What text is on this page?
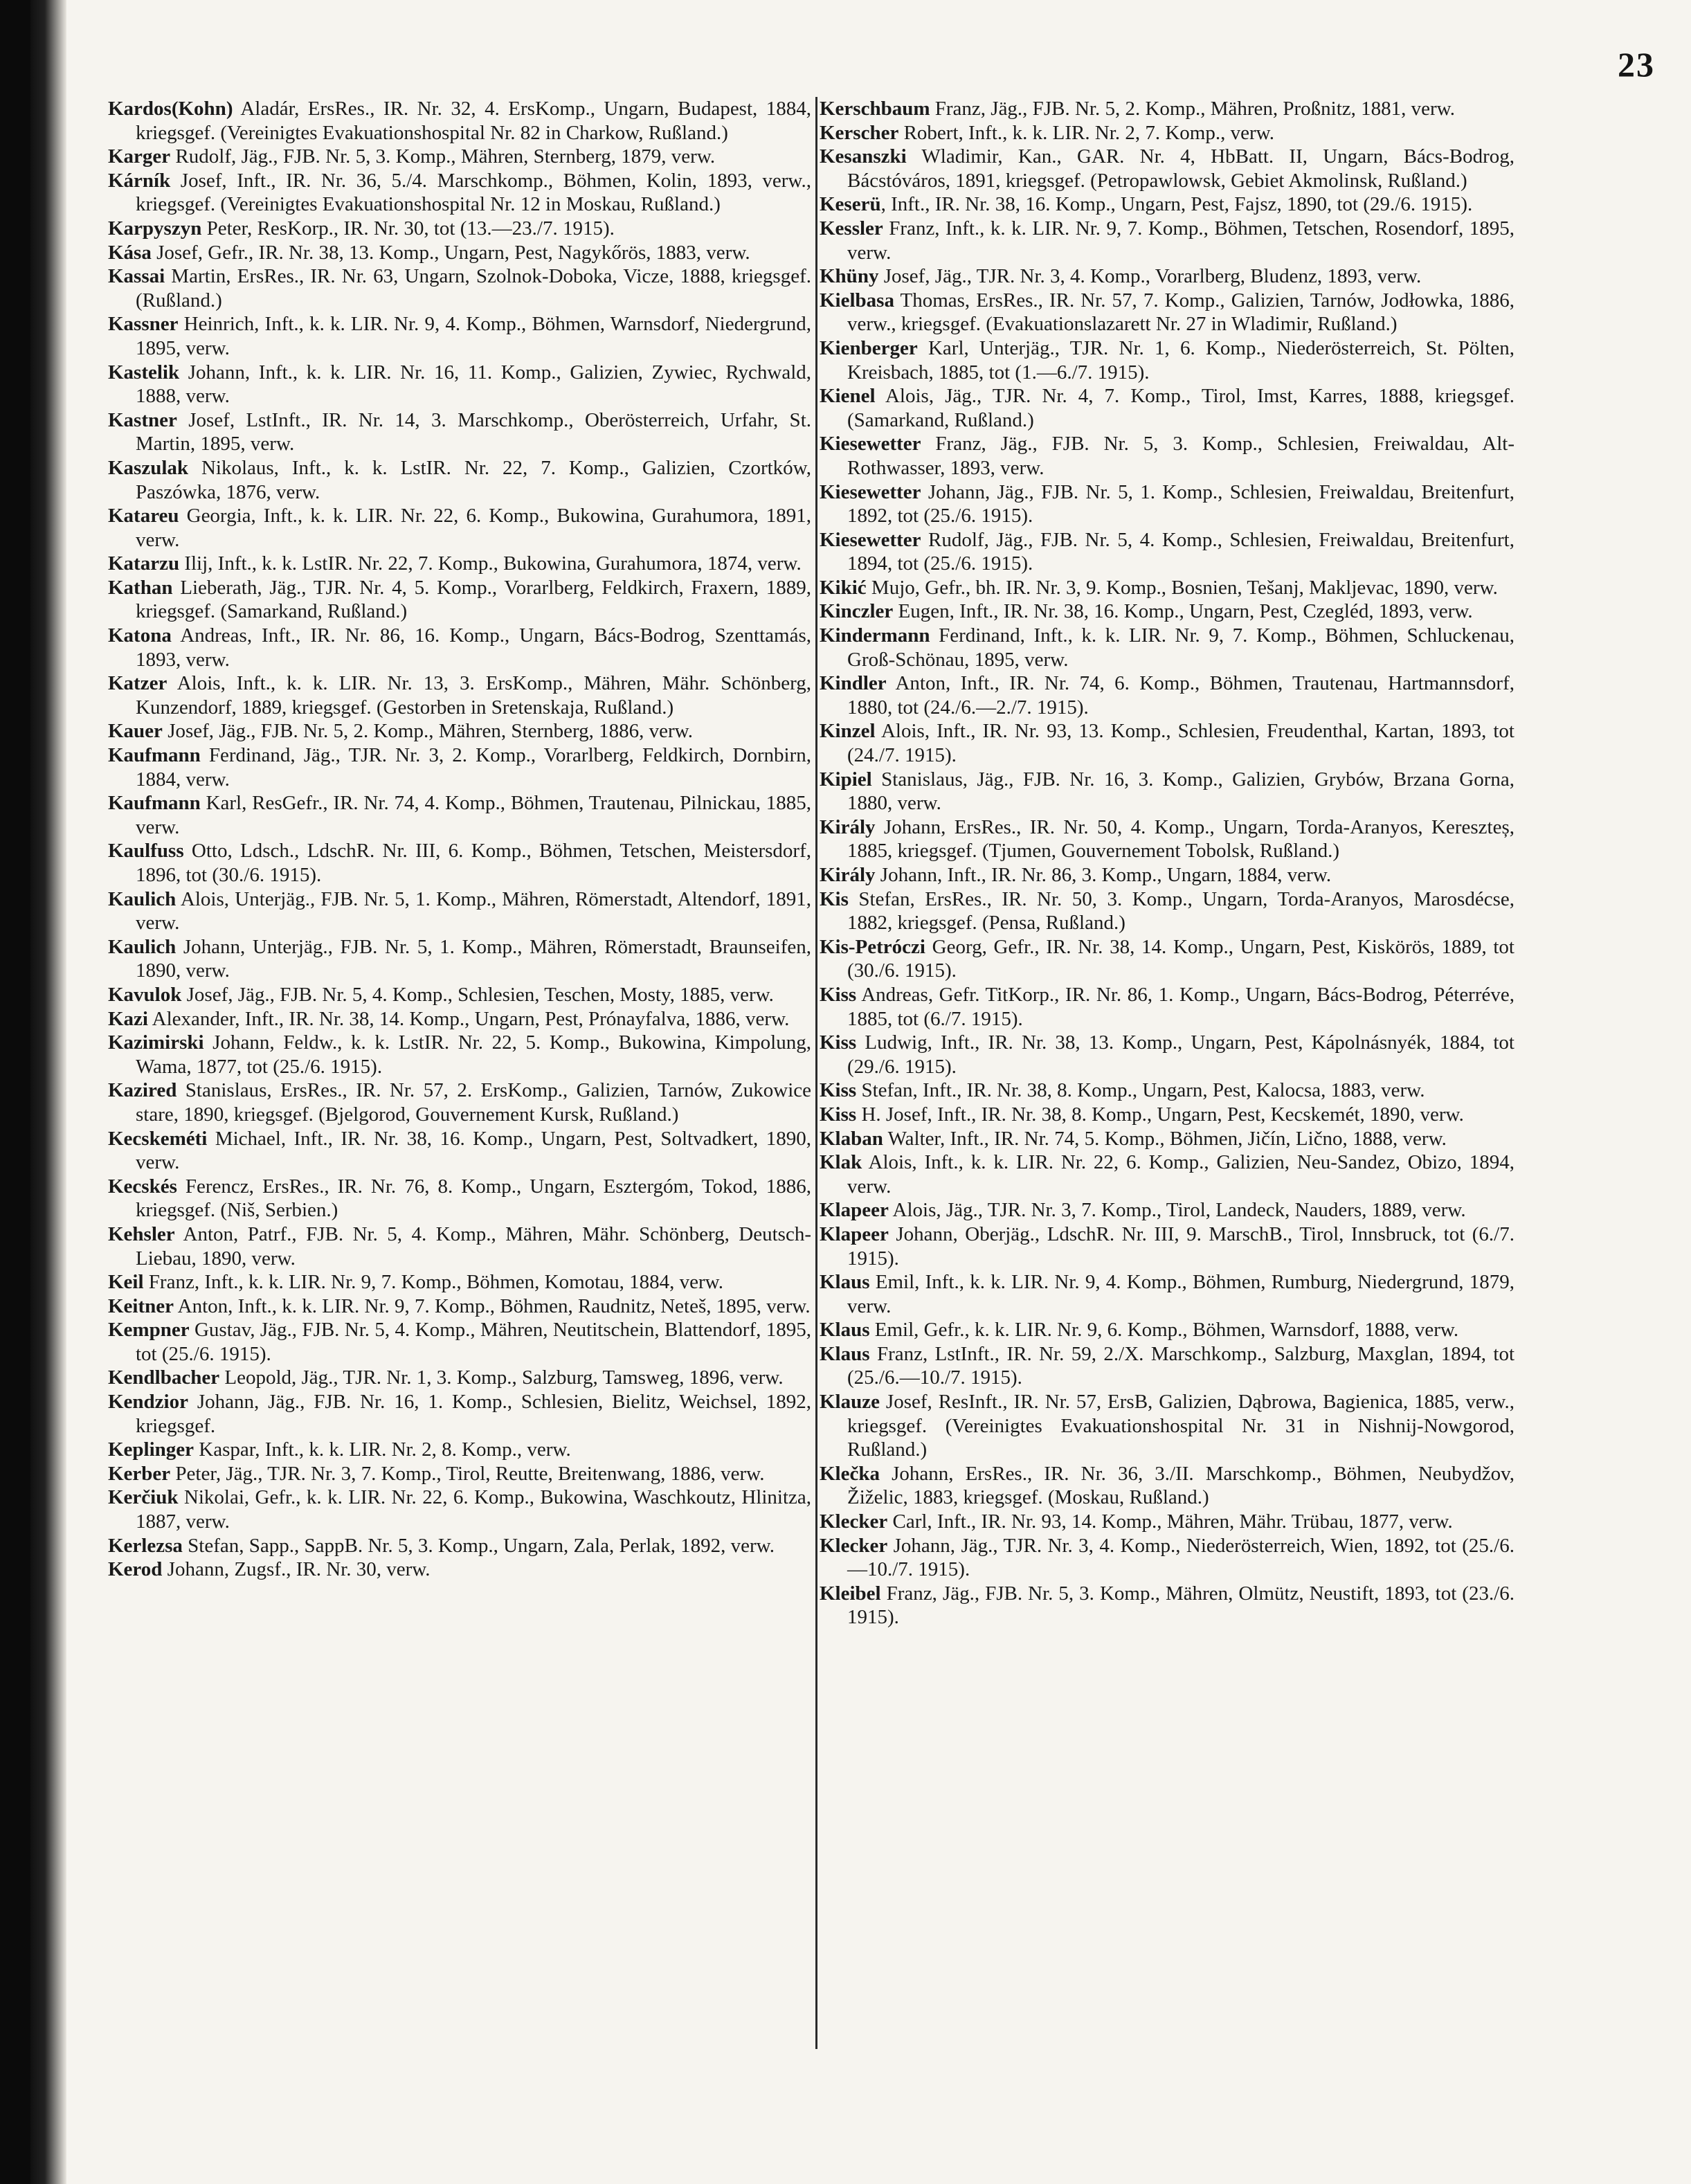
23

Kardos(Kohn) Aladár, ErsRes., IR. Nr. 32, 4. ErsKomp., Ungarn, Budapest, 1884, kriegsgef. (Vereinigtes Evakuationshospital Nr. 82 in Charkow, Rußland.)

Karger Rudolf, Jäg., FJB. Nr. 5, 3. Komp., Mähren, Sternberg, 1879, verw.

Kárník Josef, Inft., IR. Nr. 36, 5./4. Marschkomp., Böhmen, Kolin, 1893, verw., kriegsgef. (Vereinigtes Evakuationshospital Nr. 12 in Moskau, Rußland.)

Karpyszyn Peter, ResKorp., IR. Nr. 30, tot (13.—23./7. 1915).

Kása Josef, Gefr., IR. Nr. 38, 13. Komp., Ungarn, Pest, Nagykőrös, 1883, verw.

Kassai Martin, ErsRes., IR. Nr. 63, Ungarn, Szolnok-Doboka, Vicze, 1888, kriegsgef. (Rußland.)

Kassner Heinrich, Inft., k. k. LIR. Nr. 9, 4. Komp., Böhmen, Warnsdorf, Niedergrund, 1895, verw.

Kastelik Johann, Inft., k. k. LIR. Nr. 16, 11. Komp., Galizien, Zywiec, Rychwald, 1888, verw.

Kastner Josef, LstInft., IR. Nr. 14, 3. Marschkomp., Oberösterreich, Urfahr, St. Martin, 1895, verw.

Kaszulak Nikolaus, Inft., k. k. LstIR. Nr. 22, 7. Komp., Galizien, Czortków, Paszówka, 1876, verw.

Katareu Georgia, Inft., k. k. LIR. Nr. 22, 6. Komp., Bukowina, Gurahumora, 1891, verw.

Katarzu Ilij, Inft., k. k. LstIR. Nr. 22, 7. Komp., Bukowina, Gurahumora, 1874, verw.

Kathan Lieberath, Jäg., TJR. Nr. 4, 5. Komp., Vorarlberg, Feldkirch, Fraxern, 1889, kriegsgef. (Samarkand, Rußland.)

Katona Andreas, Inft., IR. Nr. 86, 16. Komp., Ungarn, Bács-Bodrog, Szenttamás, 1893, verw.

Katzer Alois, Inft., k. k. LIR. Nr. 13, 3. ErsKomp., Mähren, Mähr. Schönberg, Kunzendorf, 1889, kriegsgef. (Gestorben in Sretenskaja, Rußland.)

Kauer Josef, Jäg., FJB. Nr. 5, 2. Komp., Mähren, Sternberg, 1886, verw.

Kaufmann Ferdinand, Jäg., TJR. Nr. 3, 2. Komp., Vorarlberg, Feldkirch, Dornbirn, 1884, verw.

Kaufmann Karl, ResGefr., IR. Nr. 74, 4. Komp., Böhmen, Trautenau, Pilnickau, 1885, verw.

Kaulfuss Otto, Ldsch., LdschR. Nr. III, 6. Komp., Böhmen, Tetschen, Meistersdorf, 1896, tot (30./6. 1915).

Kaulich Alois, Unterjäg., FJB. Nr. 5, 1. Komp., Mähren, Römerstadt, Altendorf, 1891, verw.

Kaulich Johann, Unterjäg., FJB. Nr. 5, 1. Komp., Mähren, Römerstadt, Braunseifen, 1890, verw.

Kavulok Josef, Jäg., FJB. Nr. 5, 4. Komp., Schlesien, Teschen, Mosty, 1885, verw.

Kazi Alexander, Inft., IR. Nr. 38, 14. Komp., Ungarn, Pest, Prónayfalva, 1886, verw.

Kazimirski Johann, Feldw., k. k. LstIR. Nr. 22, 5. Komp., Bukowina, Kimpolung, Wama, 1877, tot (25./6. 1915).

Kazired Stanislaus, ErsRes., IR. Nr. 57, 2. ErsKomp., Galizien, Tarnów, Zukowice stare, 1890, kriegsgef. (Bjelgorod, Gouvernement Kursk, Rußland.)

Kecskeméti Michael, Inft., IR. Nr. 38, 16. Komp., Ungarn, Pest, Soltvadkert, 1890, verw.

Kecskés Ferencz, ErsRes., IR. Nr. 76, 8. Komp., Ungarn, Esztergóm, Tokod, 1886, kriegsgef. (Niš, Serbien.)

Kehsler Anton, Patrf., FJB. Nr. 5, 4. Komp., Mähren, Mähr. Schönberg, Deutsch-Liebau, 1890, verw.

Keil Franz, Inft., k. k. LIR. Nr. 9, 7. Komp., Böhmen, Komotau, 1884, verw.

Keitner Anton, Inft., k. k. LIR. Nr. 9, 7. Komp., Böhmen, Raudnitz, Neteš, 1895, verw.

Kempner Gustav, Jäg., FJB. Nr. 5, 4. Komp., Mähren, Neutitschein, Blattendorf, 1895, tot (25./6. 1915).

Kendlbacher Leopold, Jäg., TJR. Nr. 1, 3. Komp., Salzburg, Tamsweg, 1896, verw.

Kendzior Johann, Jäg., FJB. Nr. 16, 1. Komp., Schlesien, Bielitz, Weichsel, 1892, kriegsgef.

Keplinger Kaspar, Inft., k. k. LIR. Nr. 2, 8. Komp., verw.

Kerber Peter, Jäg., TJR. Nr. 3, 7. Komp., Tirol, Reutte, Breitenwang, 1886, verw.

Kerčiuk Nikolai, Gefr., k. k. LIR. Nr. 22, 6. Komp., Bukowina, Waschkoutz, Hlinitza, 1887, verw.

Kerlezsa Stefan, Sapp., SappB. Nr. 5, 3. Komp., Ungarn, Zala, Perlak, 1892, verw.

Kerod Johann, Zugsf., IR. Nr. 30, verw.

Kerschbaum Franz, Jäg., FJB. Nr. 5, 2. Komp., Mähren, Proßnitz, 1881, verw.

Kerscher Robert, Inft., k. k. LIR. Nr. 2, 7. Komp., verw.

Kesanszki Wladimir, Kan., GAR. Nr. 4, HbBatt. II, Ungarn, Bács-Bodrog, Bácstóváros, 1891, kriegsgef. (Petropawlowsk, Gebiet Akmolinsk, Rußland.)

Keserü, Inft., IR. Nr. 38, 16. Komp., Ungarn, Pest, Fajsz, 1890, tot (29./6. 1915).

Kessler Franz, Inft., k. k. LIR. Nr. 9, 7. Komp., Böhmen, Tetschen, Rosendorf, 1895, verw.

Khüny Josef, Jäg., TJR. Nr. 3, 4. Komp., Vorarlberg, Bludenz, 1893, verw.

Kielbasa Thomas, ErsRes., IR. Nr. 57, 7. Komp., Galizien, Tarnów, Jodłowka, 1886, verw., kriegsgef. (Evakuationslazarett Nr. 27 in Wladimir, Rußland.)

Kienberger Karl, Unterjäg., TJR. Nr. 1, 6. Komp., Niederösterreich, St. Pölten, Kreisbach, 1885, tot (1.—6./7. 1915).

Kienel Alois, Jäg., TJR. Nr. 4, 7. Komp., Tirol, Imst, Karres, 1888, kriegsgef. (Samarkand, Rußland.)

Kiesewetter Franz, Jäg., FJB. Nr. 5, 3. Komp., Schlesien, Freiwaldau, Alt-Rothwasser, 1893, verw.

Kiesewetter Johann, Jäg., FJB. Nr. 5, 1. Komp., Schlesien, Freiwaldau, Breitenfurt, 1892, tot (25./6. 1915).

Kiesewetter Rudolf, Jäg., FJB. Nr. 5, 4. Komp., Schlesien, Freiwaldau, Breitenfurt, 1894, tot (25./6. 1915).

Kikić Mujo, Gefr., bh. IR. Nr. 3, 9. Komp., Bosnien, Tešanj, Makljevac, 1890, verw.

Kinczler Eugen, Inft., IR. Nr. 38, 16. Komp., Ungarn, Pest, Czegléd, 1893, verw.

Kindermann Ferdinand, Inft., k. k. LIR. Nr. 9, 7. Komp., Böhmen, Schluckenau, Groß-Schönau, 1895, verw.

Kindler Anton, Inft., IR. Nr. 74, 6. Komp., Böhmen, Trautenau, Hartmannsdorf, 1880, tot (24./6.—2./7. 1915).

Kinzel Alois, Inft., IR. Nr. 93, 13. Komp., Schlesien, Freudenthal, Kartan, 1893, tot (24./7. 1915).

Kipiel Stanislaus, Jäg., FJB. Nr. 16, 3. Komp., Galizien, Grybów, Brzana Gorna, 1880, verw.

Király Johann, ErsRes., IR. Nr. 50, 4. Komp., Ungarn, Torda-Aranyos, Kereszteș, 1885, kriegsgef. (Tjumen, Gouvernement Tobolsk, Rußland.)

Király Johann, Inft., IR. Nr. 86, 3. Komp., Ungarn, 1884, verw.

Kis Stefan, ErsRes., IR. Nr. 50, 3. Komp., Ungarn, Torda-Aranyos, Marosdécse, 1882, kriegsgef. (Pensa, Rußland.)

Kis-Petróczi Georg, Gefr., IR. Nr. 38, 14. Komp., Ungarn, Pest, Kiskörös, 1889, tot (30./6. 1915).

Kiss Andreas, Gefr. TitKorp., IR. Nr. 86, 1. Komp., Ungarn, Bács-Bodrog, Péterréve, 1885, tot (6./7. 1915).

Kiss Ludwig, Inft., IR. Nr. 38, 13. Komp., Ungarn, Pest, Kápolnásnyék, 1884, tot (29./6. 1915).

Kiss Stefan, Inft., IR. Nr. 38, 8. Komp., Ungarn, Pest, Kalocsa, 1883, verw.

Kiss H. Josef, Inft., IR. Nr. 38, 8. Komp., Ungarn, Pest, Kecskemét, 1890, verw.

Klaban Walter, Inft., IR. Nr. 74, 5. Komp., Böhmen, Jičín, Lično, 1888, verw.

Klak Alois, Inft., k. k. LIR. Nr. 22, 6. Komp., Galizien, Neu-Sandez, Obizo, 1894, verw.

Klapeer Alois, Jäg., TJR. Nr. 3, 7. Komp., Tirol, Landeck, Nauders, 1889, verw.

Klapeer Johann, Oberjäg., LdschR. Nr. III, 9. MarschB., Tirol, Innsbruck, tot (6./7. 1915).

Klaus Emil, Inft., k. k. LIR. Nr. 9, 4. Komp., Böhmen, Rumburg, Niedergrund, 1879, verw.

Klaus Emil, Gefr., k. k. LIR. Nr. 9, 6. Komp., Böhmen, Warnsdorf, 1888, verw.

Klaus Franz, LstInft., IR. Nr. 59, 2./X. Marschkomp., Salzburg, Maxglan, 1894, tot (25./6.—10./7. 1915).

Klauze Josef, ResInft., IR. Nr. 57, ErsB, Galizien, Dąbrowa, Bagienica, 1885, verw., kriegsgef. (Vereinigtes Evakuationshospital Nr. 31 in Nishnij-Nowgorod, Rußland.)

Klečka Johann, ErsRes., IR. Nr. 36, 3./II. Marschkomp., Böhmen, Neubydžov, Žiželic, 1883, kriegsgef. (Moskau, Rußland.)

Klecker Carl, Inft., IR. Nr. 93, 14. Komp., Mähren, Mähr. Trübau, 1877, verw.

Klecker Johann, Jäg., TJR. Nr. 3, 4. Komp., Niederösterreich, Wien, 1892, tot (25./6.—10./7. 1915).

Kleibel Franz, Jäg., FJB. Nr. 5, 3. Komp., Mähren, Olmütz, Neustift, 1893, tot (23./6. 1915).
